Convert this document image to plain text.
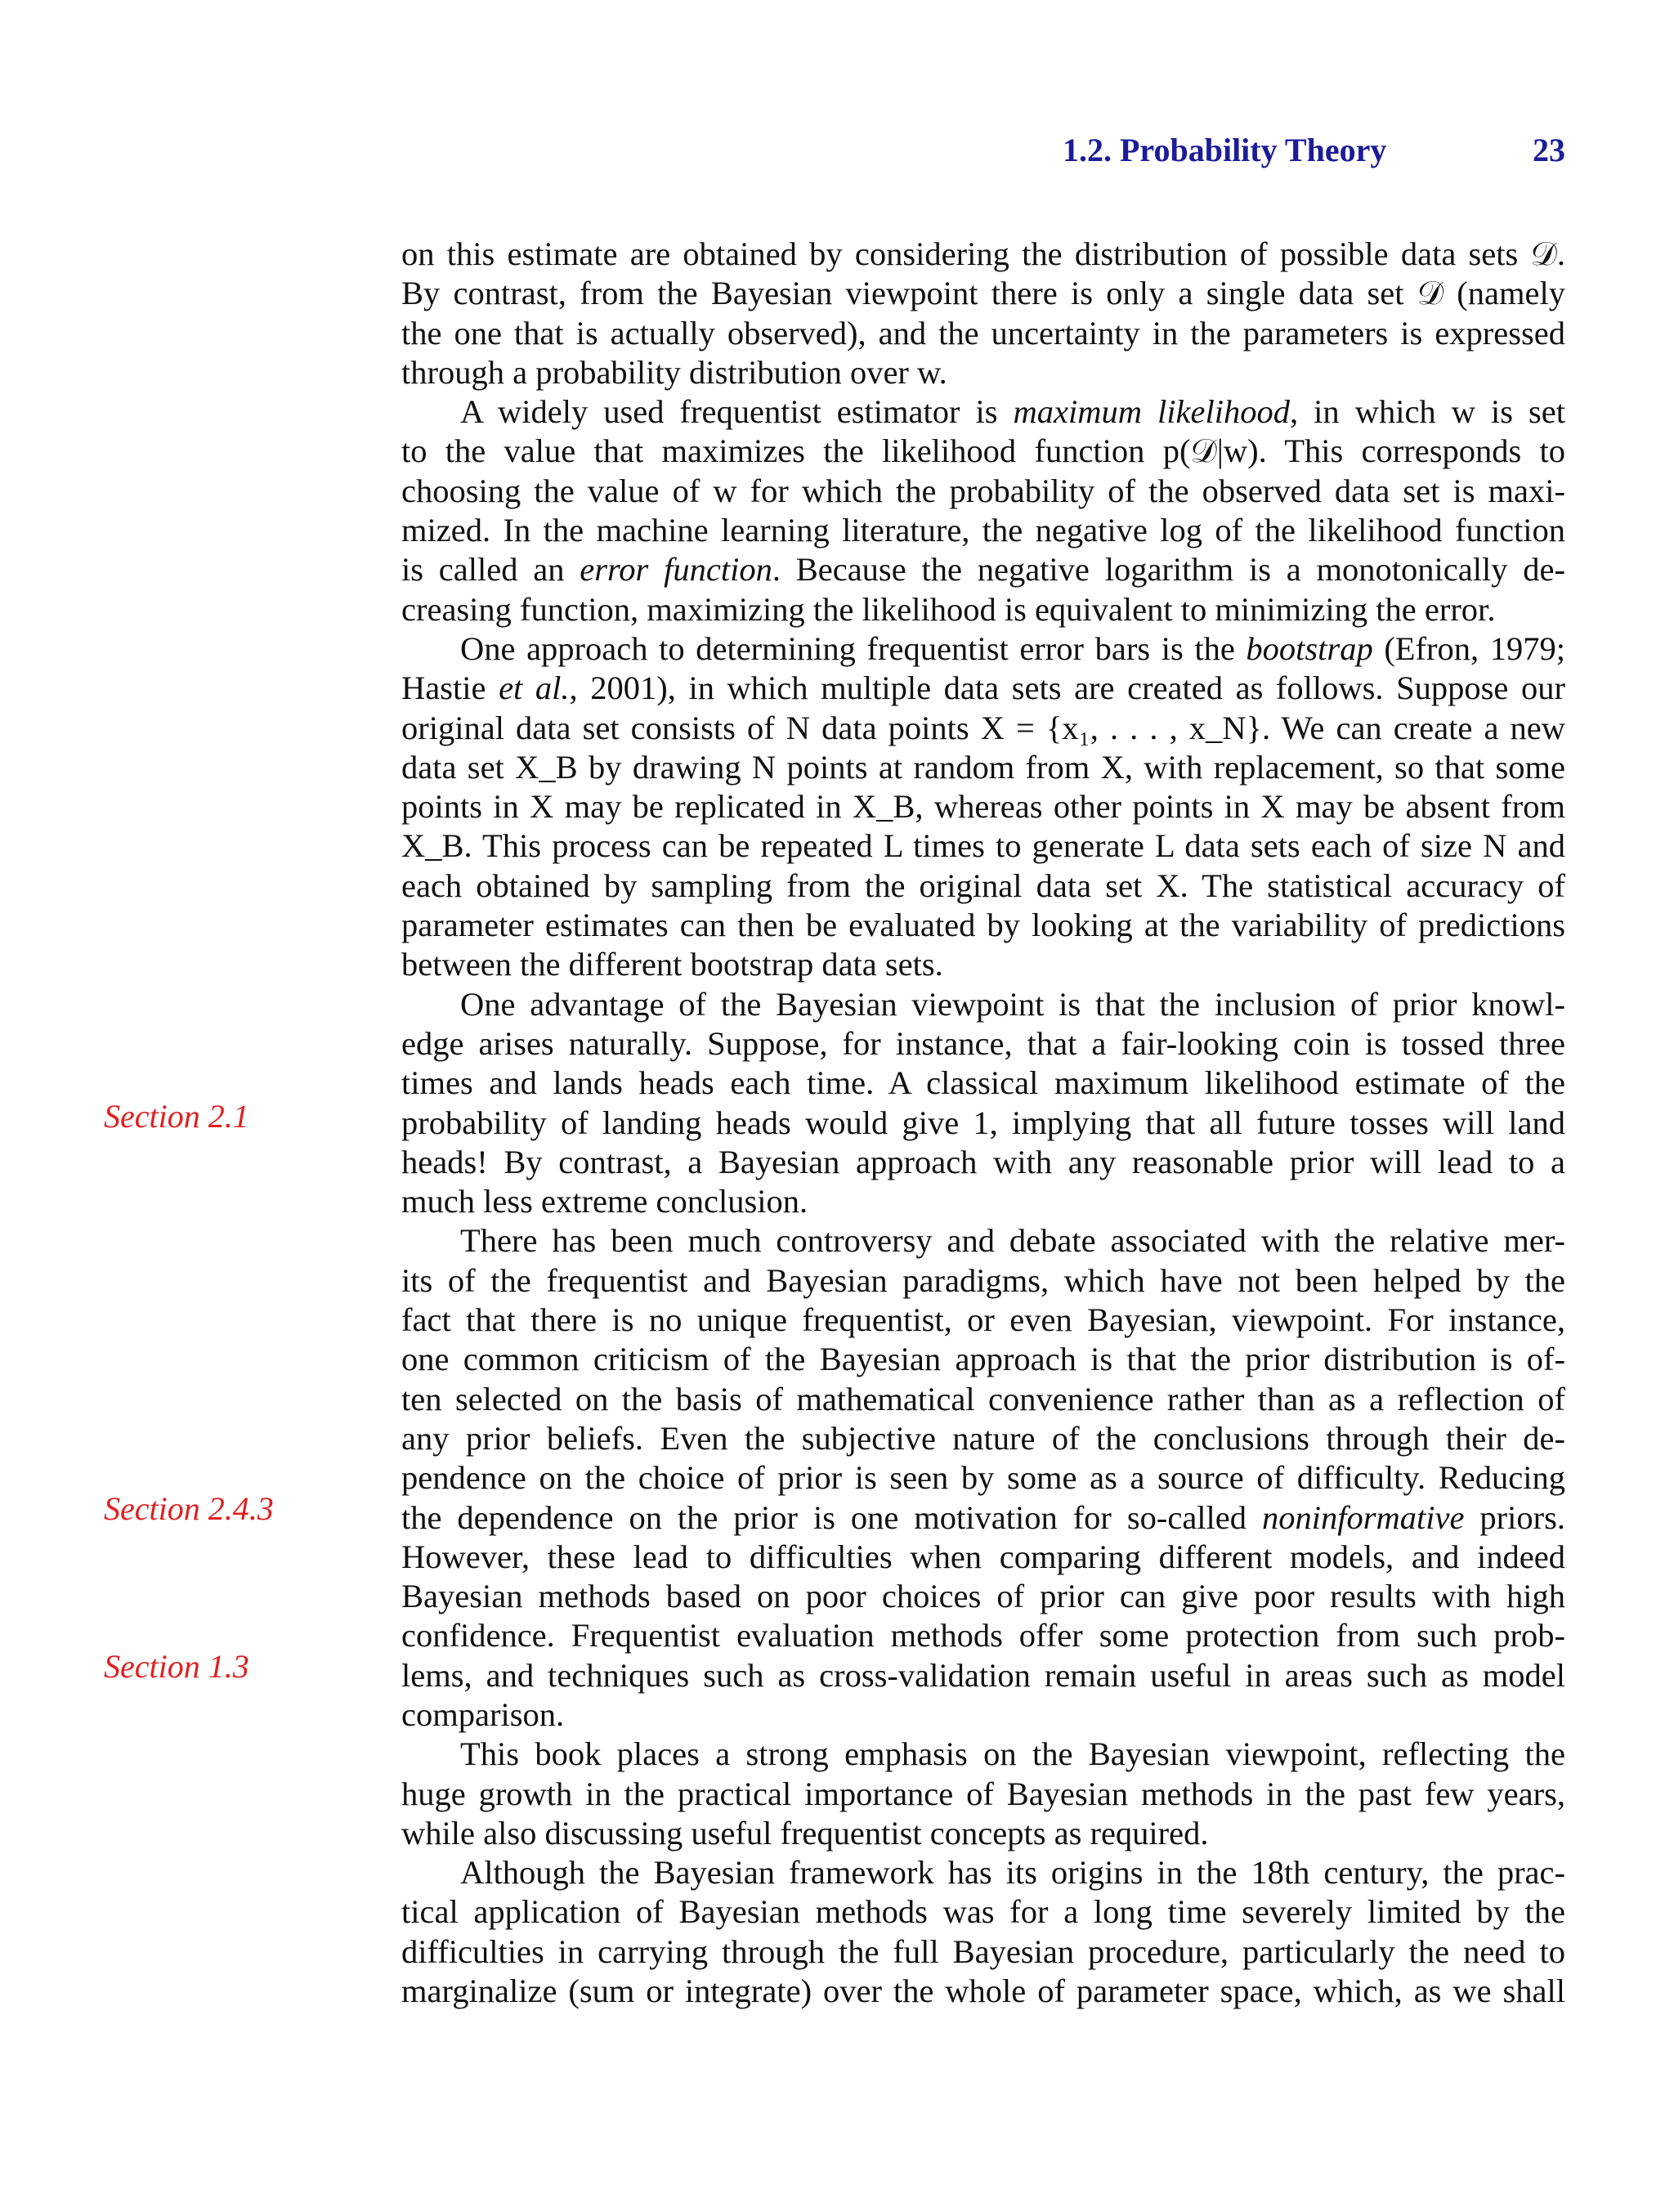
1.2. Probability Theory	23
Section 2.1
Section 2.4.3
Section 1.3

on this estimate are obtained by considering the distribution of possible data sets 𝒟.
By contrast, from the Bayesian viewpoint there is only a single data set 𝒟 (namely
the one that is actually observed), and the uncertainty in the parameters is expressed
through a probability distribution over w.

A widely used frequentist estimator is maximum likelihood, in which w is set
to the value that maximizes the likelihood function p(𝒟|w). This corresponds to
choosing the value of w for which the probability of the observed data set is maxi-
mized. In the machine learning literature, the negative log of the likelihood function
is called an error function. Because the negative logarithm is a monotonically de-
creasing function, maximizing the likelihood is equivalent to minimizing the error.

One approach to determining frequentist error bars is the bootstrap (Efron, 1979;
Hastie et al., 2001), in which multiple data sets are created as follows. Suppose our
original data set consists of N data points X = {x₁, . . . , x_N}. We can create a new
data set X_B by drawing N points at random from X, with replacement, so that some
points in X may be replicated in X_B, whereas other points in X may be absent from
X_B. This process can be repeated L times to generate L data sets each of size N and
each obtained by sampling from the original data set X. The statistical accuracy of
parameter estimates can then be evaluated by looking at the variability of predictions
between the different bootstrap data sets.

One advantage of the Bayesian viewpoint is that the inclusion of prior knowl-
edge arises naturally. Suppose, for instance, that a fair-looking coin is tossed three
times and lands heads each time. A classical maximum likelihood estimate of the
probability of landing heads would give 1, implying that all future tosses will land
heads! By contrast, a Bayesian approach with any reasonable prior will lead to a
much less extreme conclusion.

There has been much controversy and debate associated with the relative mer-
its of the frequentist and Bayesian paradigms, which have not been helped by the
fact that there is no unique frequentist, or even Bayesian, viewpoint. For instance,
one common criticism of the Bayesian approach is that the prior distribution is of-
ten selected on the basis of mathematical convenience rather than as a reflection of
any prior beliefs. Even the subjective nature of the conclusions through their de-
pendence on the choice of prior is seen by some as a source of difficulty. Reducing
the dependence on the prior is one motivation for so-called noninformative priors.
However, these lead to difficulties when comparing different models, and indeed
Bayesian methods based on poor choices of prior can give poor results with high
confidence. Frequentist evaluation methods offer some protection from such prob-
lems, and techniques such as cross-validation remain useful in areas such as model
comparison.

This book places a strong emphasis on the Bayesian viewpoint, reflecting the
huge growth in the practical importance of Bayesian methods in the past few years,
while also discussing useful frequentist concepts as required.

Although the Bayesian framework has its origins in the 18th century, the prac-
tical application of Bayesian methods was for a long time severely limited by the
difficulties in carrying through the full Bayesian procedure, particularly the need to
marginalize (sum or integrate) over the whole of parameter space, which, as we shall
